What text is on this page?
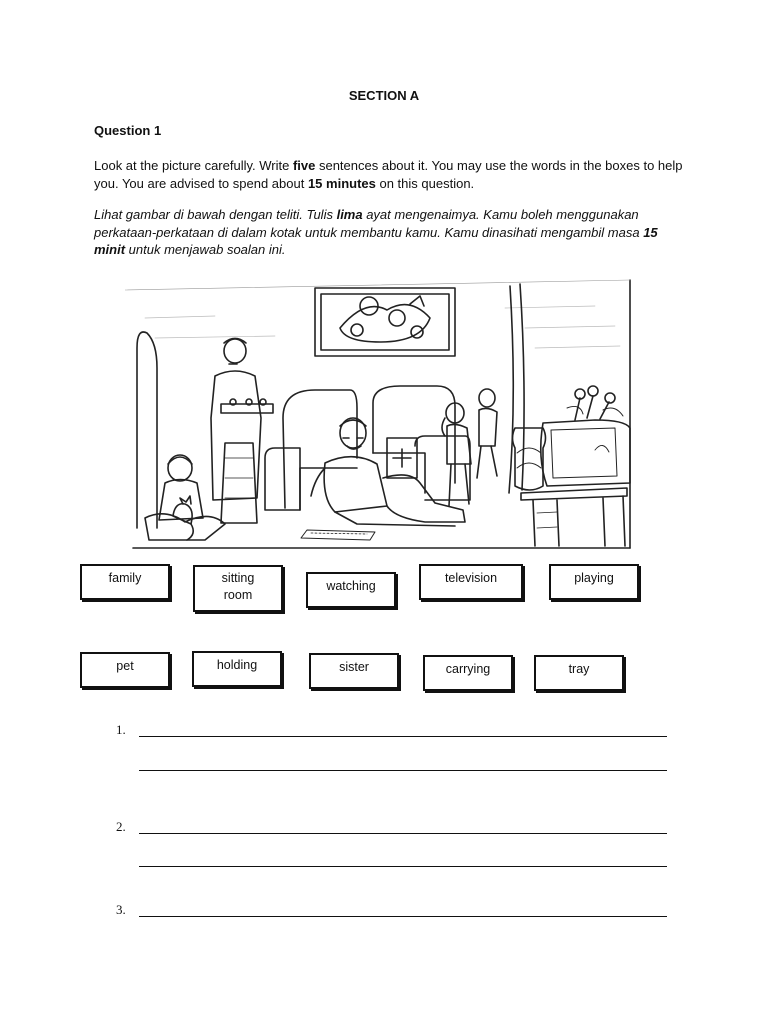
SECTION A
Question 1
Look at the picture carefully. Write five sentences about it. You may use the words in the boxes to help you. You are advised to spend about 15 minutes on this question.
Lihat gambar di bawah dengan teliti. Tulis lima ayat mengenaimya. Kamu boleh menggunakan perkataan-perkataan di dalam kotak untuk membantu kamu. Kamu dinasihati mengambil masa 15 minit untuk menjawab soalan ini.
family	sitting room
watching
television	playing
pet	holding	sister	carrying	tray
1.
2.
3.
